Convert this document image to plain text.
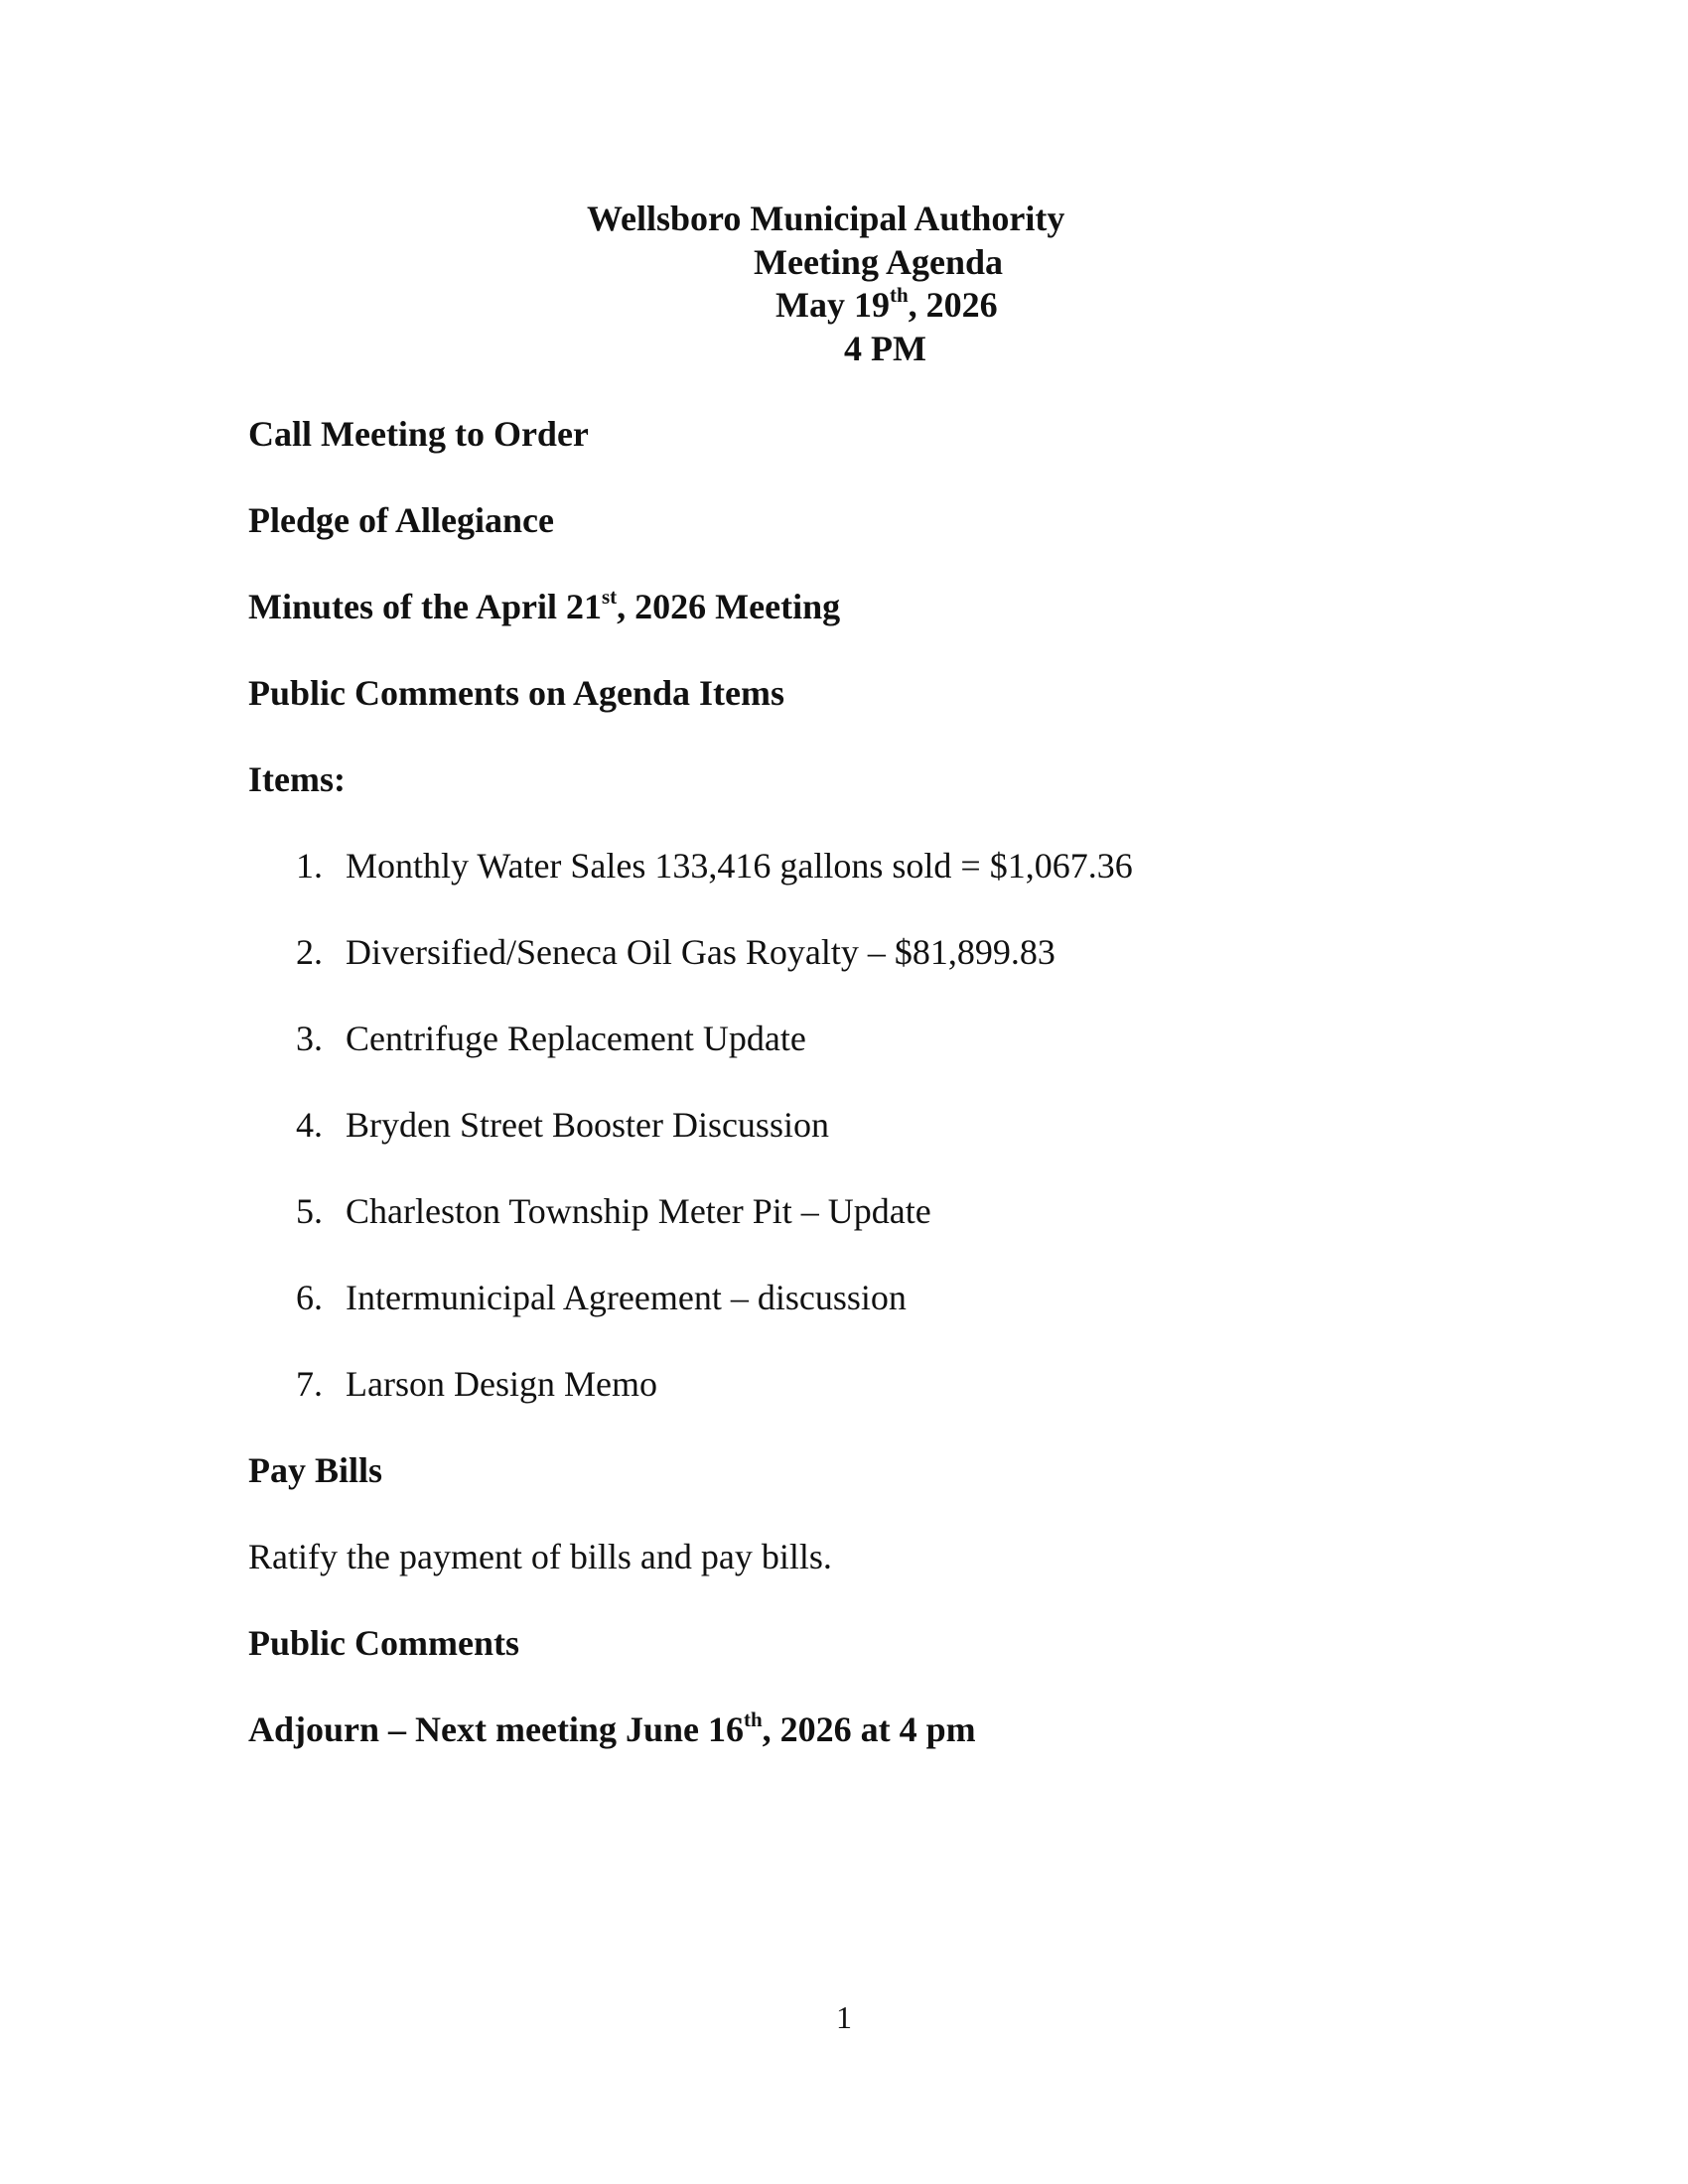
Wellsboro Municipal Authority
Meeting Agenda
May 19th, 2026
4 PM
Call Meeting to Order
Pledge of Allegiance
Minutes of the April 21st, 2026 Meeting
Public Comments on Agenda Items
Items:
1. Monthly Water Sales 133,416 gallons sold = $1,067.36
2. Diversified/Seneca Oil Gas Royalty – $81,899.83
3. Centrifuge Replacement Update
4. Bryden Street Booster Discussion
5. Charleston Township Meter Pit – Update
6. Intermunicipal Agreement – discussion
7. Larson Design Memo
Pay Bills
Ratify the payment of bills and pay bills.
Public Comments
Adjourn – Next meeting June 16th, 2026 at 4 pm
1
